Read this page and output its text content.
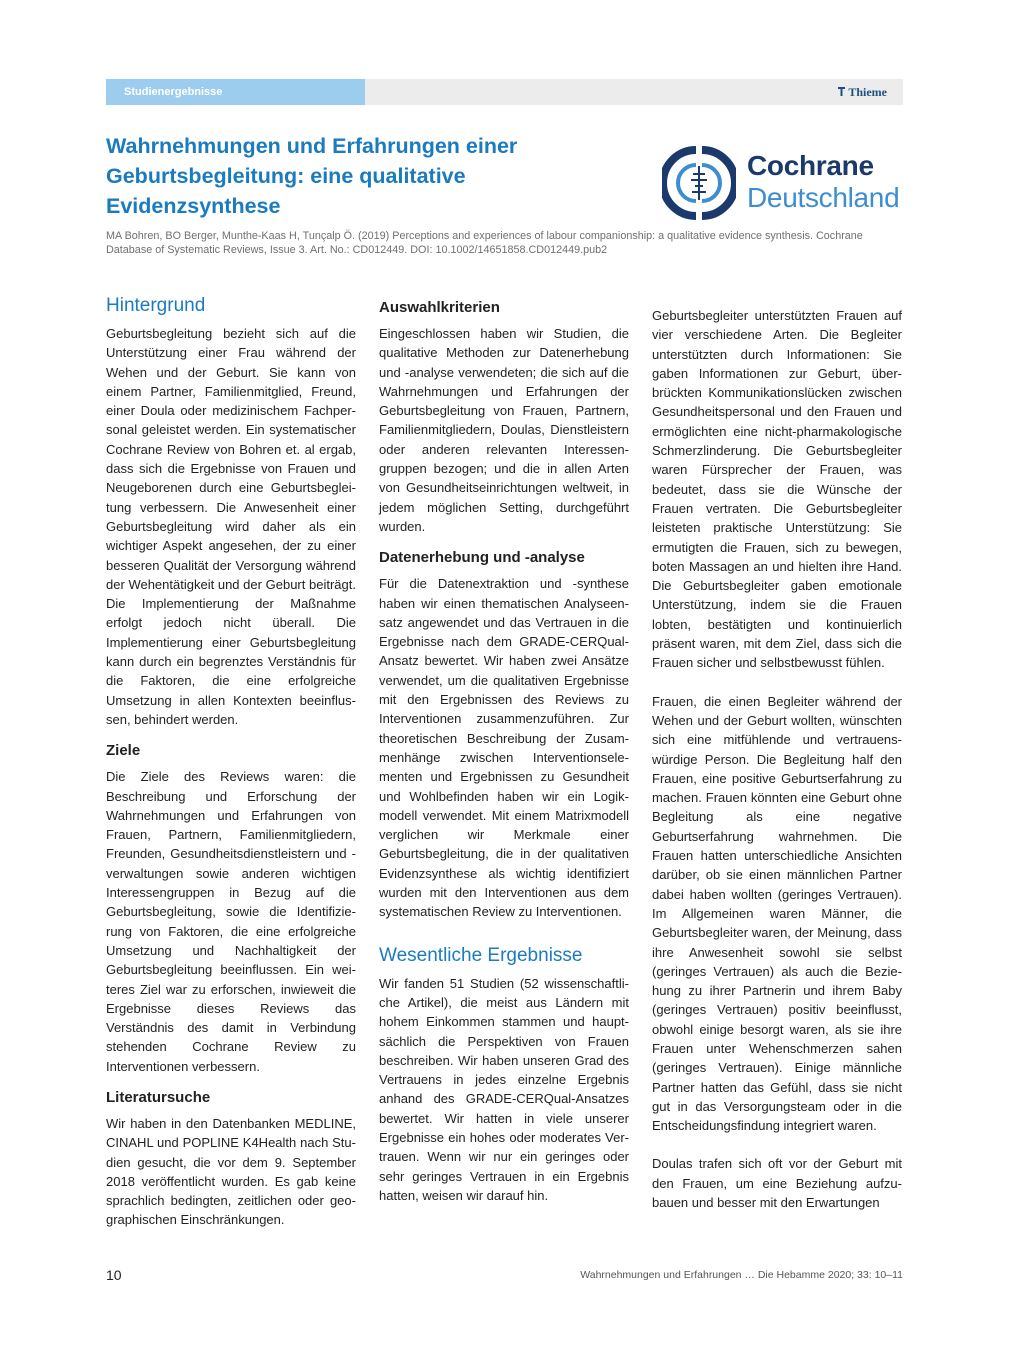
Studienergebnisse	Thieme
Wahrnehmungen und Erfahrungen einer Geburtsbegleitung: eine qualitative Evidenzsynthese
Cochrane
Deutschland
MA Bohren, BO Berger, Munthe-Kaas H, Tunçalp Ö. (2019) Perceptions and experiences of labour companionship: a qualitative evidence synthesis. Cochrane Database of Systematic Reviews, Issue 3. Art. No.: CD012449. DOI: 10.1002/14651858.CD012449.pub2
Hintergrund

Geburtsbegleitung bezieht sich auf die Unterstützung einer Frau während der Wehen und der Geburt. Sie kann von einem Partner, Familienmitglied, Freund, einer Doula oder medizinischem Fachpersonal geleistet werden. Ein systematischer Cochrane Review von Bohren et. al ergab, dass sich die Ergebnisse von Frauen und Neugeborenen durch eine Geburtsbegleitung verbessern. Die Anwesenheit einer Geburtsbegleitung wird daher als ein wichtiger Aspekt angesehen, der zu einer besseren Qualität der Versorgung während der Wehentätigkeit und der Geburt beiträgt. Die Implementierung der Maßnahme erfolgt jedoch nicht überall. Die Implementierung einer Geburtsbegleitung kann durch ein begrenztes Verständnis für die Faktoren, die eine erfolgreiche Umsetzung in allen Kontexten beeinflussen, behindert werden.

Ziele

Die Ziele des Reviews waren: die Beschreibung und Erforschung der Wahrnehmungen und Erfahrungen von Frauen, Partnern, Familienmitgliedern, Freunden, Gesundheitsdienstleistern und -verwaltungen sowie anderen wichtigen Interessengruppen in Bezug auf die Geburtsbegleitung, sowie die Identifizierung von Faktoren, die eine erfolgreiche Umsetzung und Nachhaltigkeit der Geburtsbegleitung beeinflussen. Ein weiteres Ziel war zu erforschen, inwieweit die Ergebnisse dieses Reviews das Verständnis des damit in Verbindung stehenden Cochrane Review zu Interventionen verbessern.

Literatursuche

Wir haben in den Datenbanken MEDLINE, CINAHL und POPLINE K4Health nach Studien gesucht, die vor dem 9. September 2018 veröffentlicht wurden. Es gab keine sprachlich bedingten, zeitlichen oder geographischen Einschränkungen.

Auswahlkriterien

Eingeschlossen haben wir Studien, die qualitative Methoden zur Datenerhebung und -analyse verwendeten; die sich auf die Wahrnehmungen und Erfahrungen der Geburtsbegleitung von Frauen, Partnern, Familienmitgliedern, Doulas, Dienstleistern oder anderen relevanten Interessengruppen bezogen; und die in allen Arten von Gesundheitseinrichtungen weltweit, in jedem möglichen Setting, durchgeführt wurden.

Datenerhebung und -analyse

Für die Datenextraktion und -synthese haben wir einen thematischen Analyseensatz angewendet und das Vertrauen in die Ergebnisse nach dem GRADE-CERQual-Ansatz bewertet. Wir haben zwei Ansätze verwendet, um die qualitativen Ergebnisse mit den Ergebnissen des Reviews zu Interventionen zusammenzuführen. Zur theoretischen Beschreibung der Zusammenhänge zwischen Interventionselementen und Ergebnissen zu Gesundheit und Wohlbefinden haben wir ein Logikmodell verwendet. Mit einem Matrixmodell verglichen wir Merkmale einer Geburtsbegleitung, die in der qualitativen Evidenzsynthese als wichtig identifiziert wurden mit den Interventionen aus dem systematischen Review zu Interventionen.

Wesentliche Ergebnisse

Wir fanden 51 Studien (52 wissenschaftliche Artikel), die meist aus Ländern mit hohem Einkommen stammen und hauptsächlich die Perspektiven von Frauen beschreiben. Wir haben unseren Grad des Vertrauens in jedes einzelne Ergebnis anhand des GRADE-CERQual-Ansatzes bewertet. Wir hatten in viele unserer Ergebnisse ein hohes oder moderates Vertrauen. Wenn wir nur ein geringes oder sehr geringes Vertrauen in ein Ergebnis hatten, weisen wir darauf hin.

Geburtsbegleiter unterstützten Frauen auf vier verschiedene Arten. Die Begleiter unterstützten durch Informationen: Sie gaben Informationen zur Geburt, überbrückten Kommunikationslücken zwischen Gesundheitspersonal und den Frauen und ermöglichten eine nicht-pharmakologische Schmerzlinderung. Die Geburtsbegleiter waren Fürsprecher der Frauen, was bedeutet, dass sie die Wünsche der Frauen vertraten. Die Geburtsbegleiter leisteten praktische Unterstützung: Sie ermutigten die Frauen, sich zu bewegen, boten Massagen an und hielten ihre Hand. Die Geburtsbegleiter gaben emotionale Unterstützung, indem sie die Frauen lobten, bestätigten und kontinuierlich präsent waren, mit dem Ziel, dass sich die Frauen sicher und selbstbewusst fühlen.

Frauen, die einen Begleiter während der Wehen und der Geburt wollten, wünschten sich eine mitfühlende und vertrauenswürdige Person. Die Begleitung half den Frauen, eine positive Geburtserfahrung zu machen. Frauen könnten eine Geburt ohne Begleitung als eine negative Geburtserfahrung wahrnehmen. Die Frauen hatten unterschiedliche Ansichten darüber, ob sie einen männlichen Partner dabei haben wollten (geringes Vertrauen). Im Allgemeinen waren Männer, die Geburtsbegleiter waren, der Meinung, dass ihre Anwesenheit sowohl sie selbst (geringes Vertrauen) als auch die Beziehung zu ihrer Partnerin und ihrem Baby (geringes Vertrauen) positiv beeinflusst, obwohl einige besorgt waren, als sie ihre Frauen unter Wehenschmerzen sahen (geringes Vertrauen). Einige männliche Partner hatten das Gefühl, dass sie nicht gut in das Versorgungsteam oder in die Entscheidungsfindung integriert waren.

Doulas trafen sich oft vor der Geburt mit den Frauen, um eine Beziehung aufzubauen und besser mit den Erwartungen

10	Wahrnehmungen und Erfahrungen … Die Hebamme 2020; 33: 10–11
